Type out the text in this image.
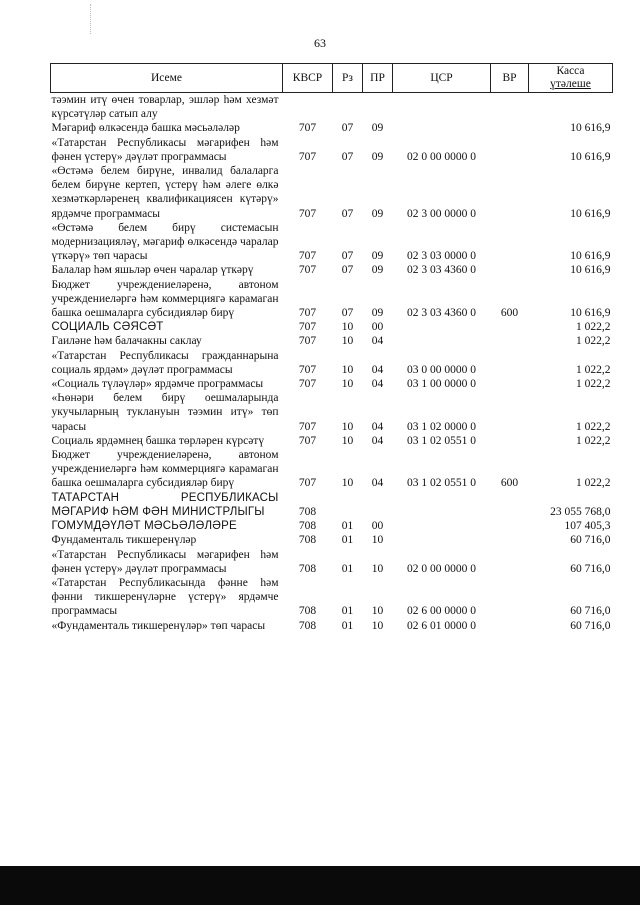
63
Исеме	КВСР	Рз	ПР	ЦСР	ВР	Касса
үтәлеше

тәэмин итү өчен товарлар, эшләр һәм хезмәт күрсәтүләр сатып алу						
Мәгариф өлкәсендә башка мәсьәләләр	707	07	09			10 616,9
«Татарстан Республикасы мәгарифен һәм фәнен үстерү» дәүләт программасы	707	07	09	02 0 00 0000 0		10 616,9
«Өстәмә белем бирүне, инвалид балаларга белем бирүне кертеп, үстерү һәм әлеге өлкә хезмәткәрләренең квалификациясен күтәрү» ярдәмче программасы	707	07	09	02 3 00 0000 0		10 616,9
«Өстәмә белем бирү системасын модернизацияләү, мәгариф өлкәсендә чаралар үткәрү» төп чарасы	707	07	09	02 3 03 0000 0		10 616,9
Балалар һәм яшьләр өчен чаралар үткәрү	707	07	09	02 3 03 4360 0		10 616,9
Бюджет учреждениеләренә, автоном учреждениеләргә һәм коммерциягә карамаган башка оешмаларга субсидияләр бирү	707	07	09	02 3 03 4360 0	600	10 616,9
СОЦИАЛЬ СӘЯСӘТ	707	10	00			1 022,2
Гаиләне һәм балачакны саклау	707	10	04			1 022,2
«Татарстан Республикасы гражданнарына социаль ярдәм» дәүләт программасы	707	10	04	03 0 00 0000 0		1 022,2
«Социаль түләүләр» ярдәмче программасы	707	10	04	03 1 00 0000 0		1 022,2
«Һөнәри белем бирү оешмаларында укучыларның туклануын тәэмин итү» төп чарасы	707	10	04	03 1 02 0000 0		1 022,2
Социаль ярдәмнең башка төрләрен күрсәтү	707	10	04	03 1 02 0551 0		1 022,2
Бюджет учреждениеләренә, автоном учреждениеләргә һәм коммерциягә карамаган башка оешмаларга субсидияләр бирү	707	10	04	03 1 02 0551 0	600	1 022,2
ТАТАРСТАН РЕСПУБЛИКАСЫ МӘГАРИФ ҺӘМ ФӘН МИНИСТРЛЫГЫ	708					23 055 768,0
ГОМУМДӘҮЛӘТ МӘСЬӘЛӘЛӘРЕ	708	01	00			107 405,3
Фундаменталь тикшеренүләр	708	01	10			60 716,0
«Татарстан Республикасы мәгарифен һәм фәнен үстерү» дәүләт программасы	708	01	10	02 0 00 0000 0		60 716,0
«Татарстан Республикасында фәнне һәм фәнни тикшеренүләрне үстерү» ярдәмче программасы	708	01	10	02 6 00 0000 0		60 716,0
«Фундаменталь тикшеренүләр» төп чарасы	708	01	10	02 6 01 0000 0		60 716,0
